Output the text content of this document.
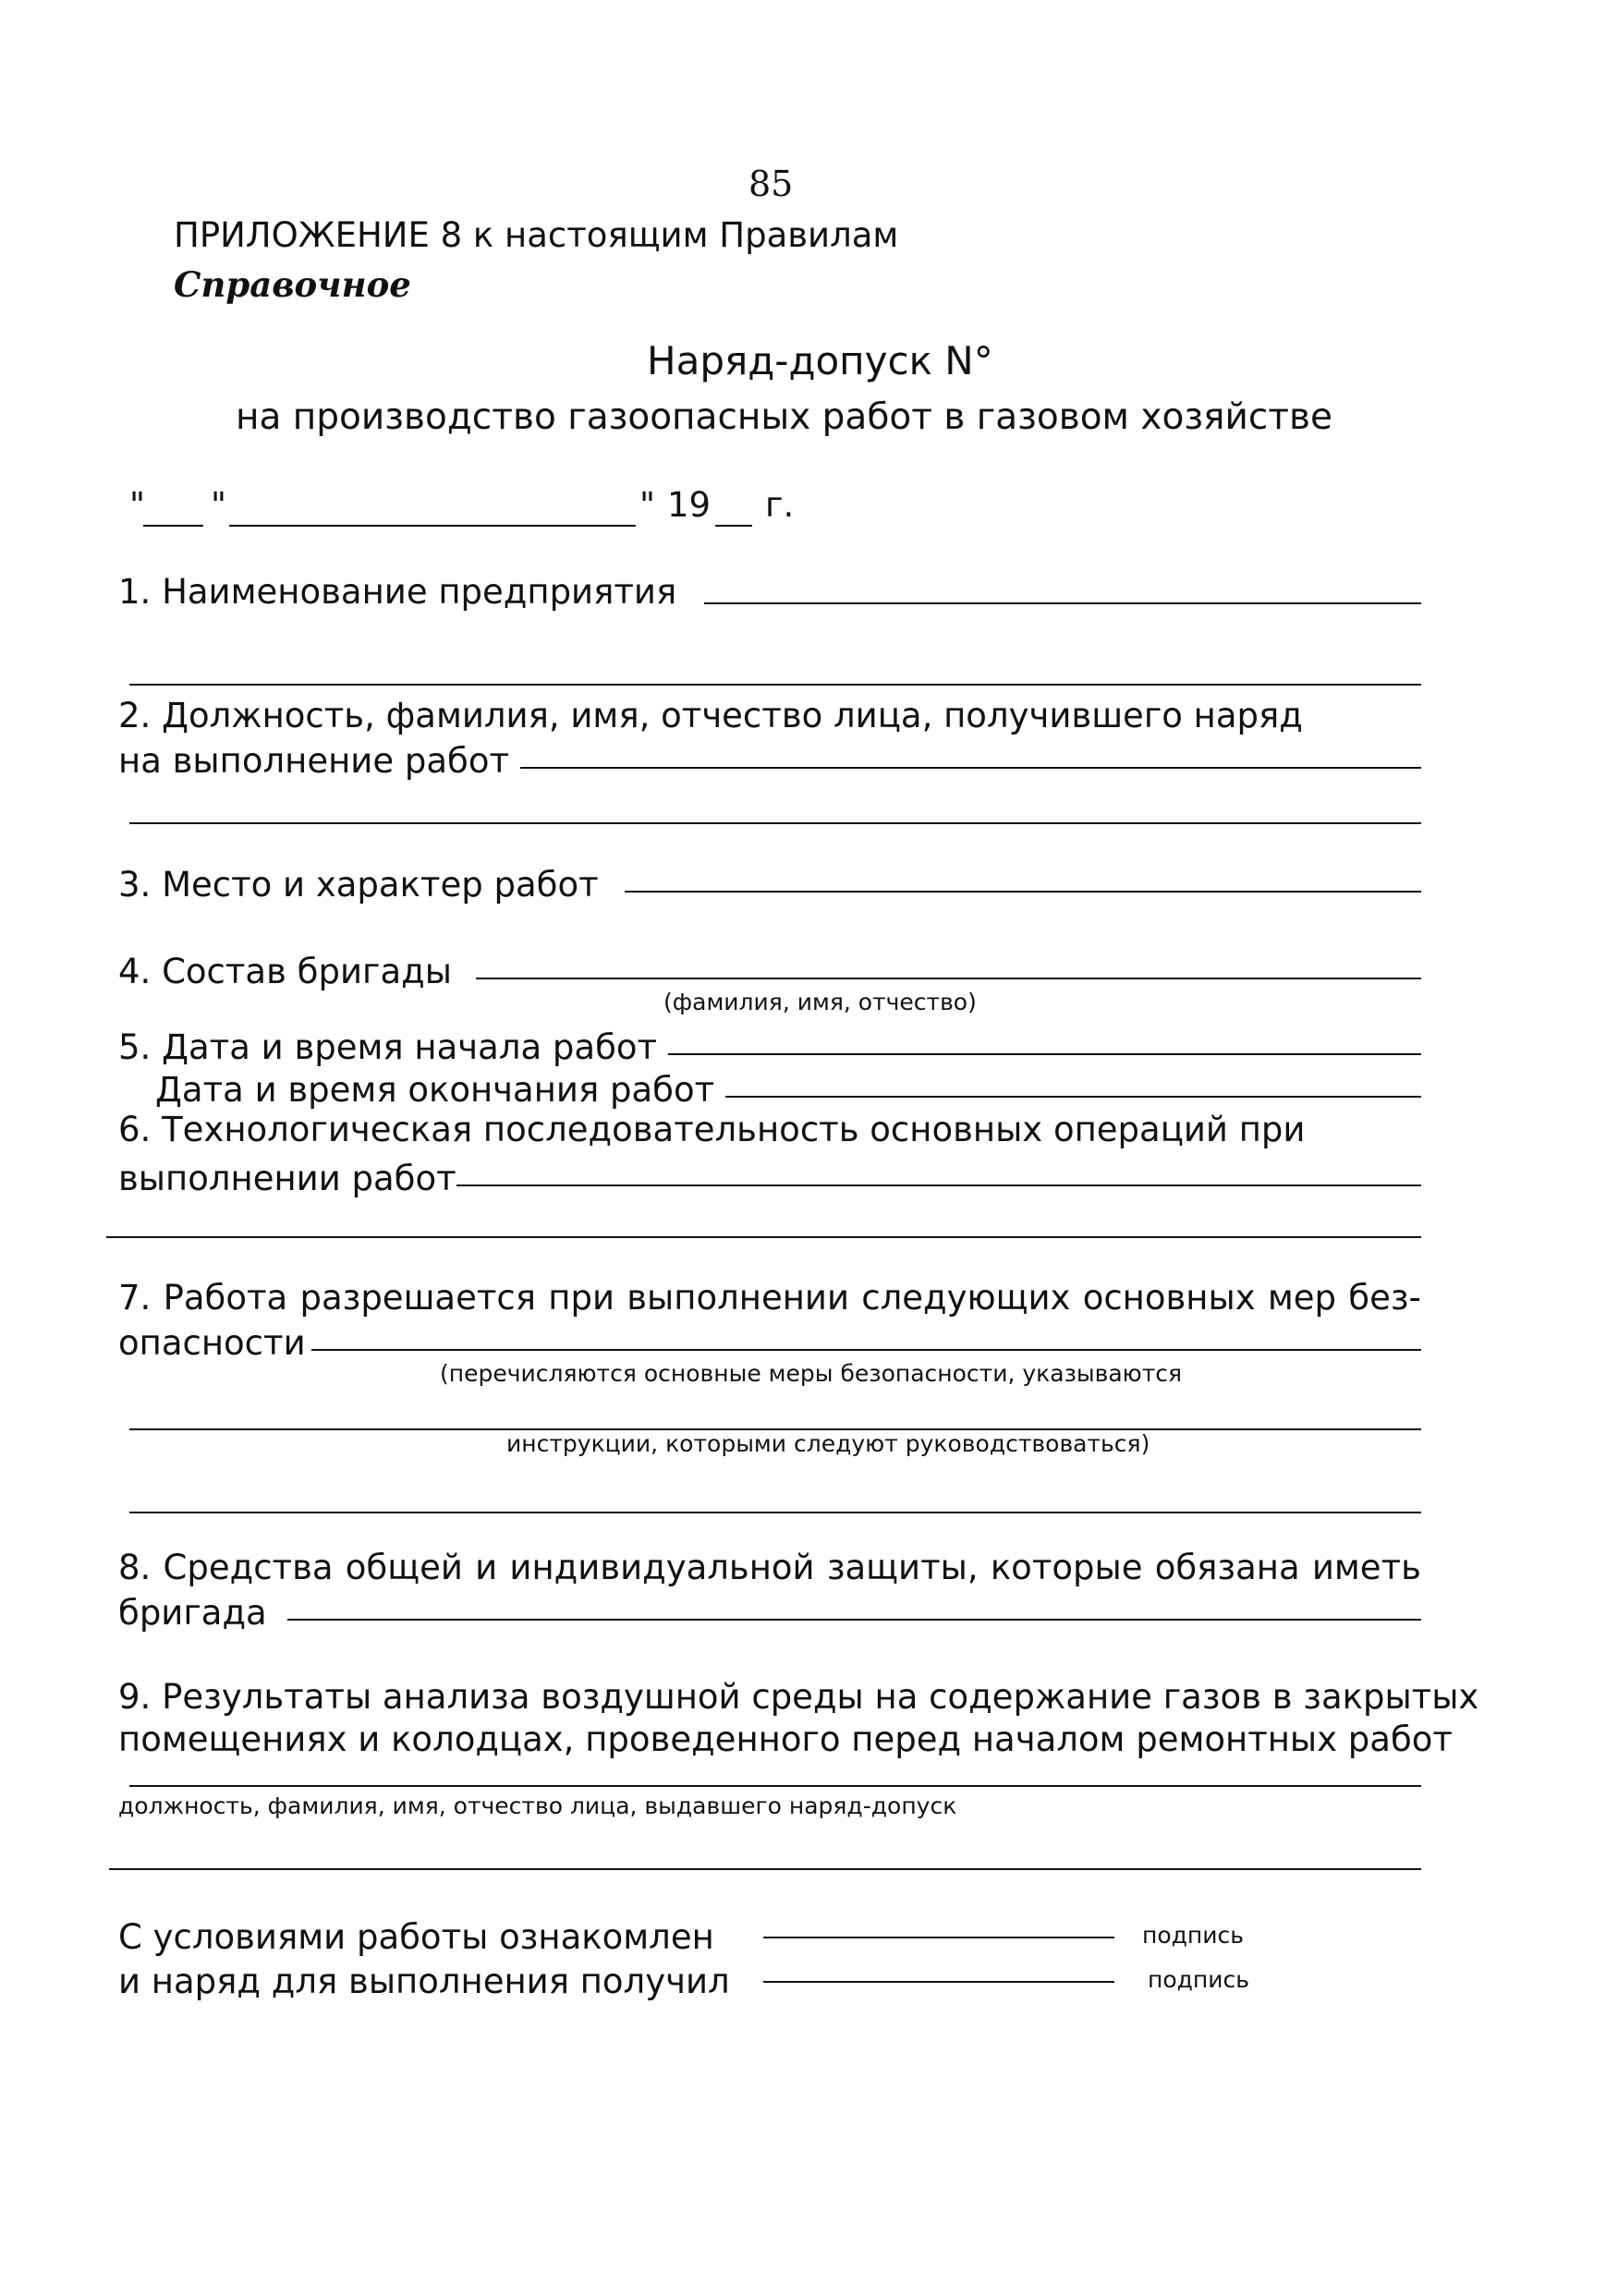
85
ПРИЛОЖЕНИЕ 8 к настоящим Правилам
Справочное
Наряд-допуск N°
на производство газоопасных работ в газовом хозяйстве
" "	" 19 г.
1. Наименование предприятия
2. Должность, фамилия, имя, отчество лица, получившего наряд
на выполнение работ
3. Место и характер работ
4. Состав бригады
(фамилия, имя, отчество)
5. Дата и время начала работ
Дата и время окончания работ
6. Технологическая последовательность основных операций при
выполнении работ
7. Работа разрешается при выполнении следующих основных мер без-
опасности
(перечисляются основные меры безопасности, указываются
инструкции, которыми следуют руководствоваться)
8. Средства общей и индивидуальной защиты, которые обязана иметь
бригада
9. Результаты анализа воздушной среды на содержание газов в закрытых
помещениях и колодцах, проведенного перед началом ремонтных работ
должность, фамилия, имя, отчество лица, выдавшего наряд-допуск
С условиями работы ознакомлен	подпись
и наряд для выполнения получил	подпись
